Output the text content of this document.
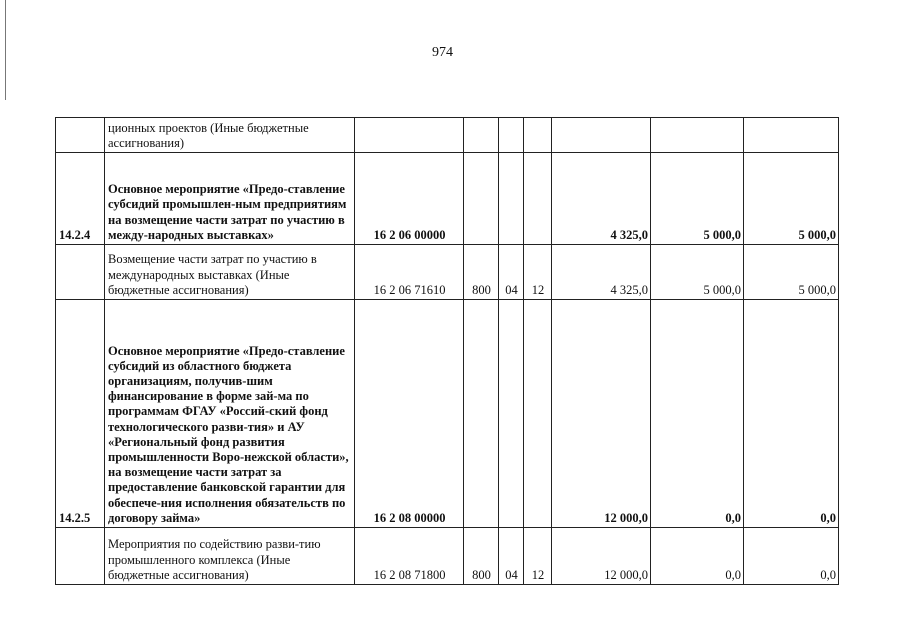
974
	ционных проектов (Иные бюджетные ассигнования)							
14.2.4	Основное мероприятие «Предо-ставление субсидий промышлен-ным предприятиям на возмещение части затрат по участию в между-народных выставках»	16 2 06 00000				4 325,0	5 000,0	5 000,0
	Возмещение части затрат по участию в международных выставках (Иные бюджетные ассигнования)	16 2 06 71610	800	04	12	4 325,0	5 000,0	5 000,0
14.2.5	Основное мероприятие «Предо-ставление субсидий из областного бюджета организациям, получив-шим финансирование в форме зай-ма по программам ФГАУ «Россий-ский фонд технологического разви-тия» и АУ «Региональный фонд развития промышленности Воро-нежской области», на возмещение части затрат за предоставление банковской гарантии для обеспече-ния исполнения обязательств по договору займа»	16 2 08 00000				12 000,0	0,0	0,0
	Мероприятия по содействию разви-тию промышленного комплекса (Иные бюджетные ассигнования)	16 2 08 71800	800	04	12	12 000,0	0,0	0,0
